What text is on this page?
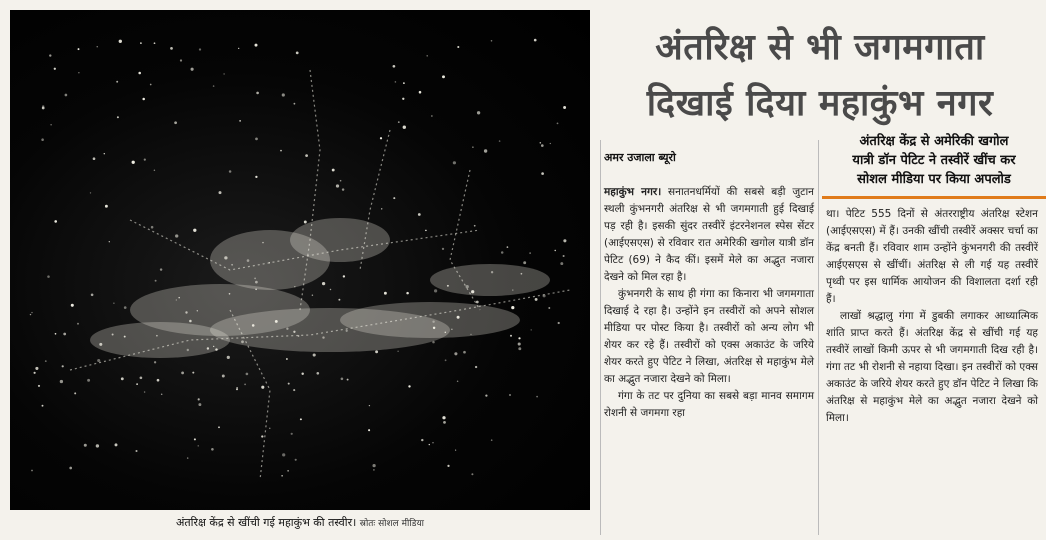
अंतरिक्ष केंद्र से खींची गई महाकुंभ की तस्वीर। स्रोतः सोशल मीडिया
अंतरिक्ष से भी जगमगाता
दिखाई दिया महाकुंभ नगर
अमर उजाला ब्यूरो
अंतरिक्ष केंद्र से अमेरिकी खगोल
यात्री डॉन पेटिट ने तस्वीरें खींच कर
सोशल मीडिया पर किया अपलोड

महाकुंभ नगर। सनातनधर्मियों की सबसे बड़ी जुटान स्थली कुंभनगरी अंतरिक्ष से भी जगमगाती हुई दिखाई पड़ रही है। इसकी सुंदर तस्वीरें इंटरनेशनल स्पेस सेंटर (आईएसएस) से रविवार रात अमेरिकी खगोल यात्री डॉन पेटिट (69) ने कैद कीं। इसमें मेले का अद्भुत नजारा देखने को मिल रहा है।

कुंभनगरी के साथ ही गंगा का किनारा भी जगमगाता दिखाई दे रहा है। उन्होंने इन तस्वीरों को अपने सोशल मीडिया पर पोस्ट किया है। तस्वीरों को अन्य लोग भी शेयर कर रहे हैं। तस्वीरों को एक्स अकाउंट के जरिये शेयर करते हुए पेटिट ने लिखा, अंतरिक्ष से महाकुंभ मेले का अद्भुत नजारा देखने को मिला।

गंगा के तट पर दुनिया का सबसे बड़ा मानव समागम रोशनी से जगमगा रहा

था। पेटिट 555 दिनों से अंतरराष्ट्रीय अंतरिक्ष स्टेशन (आईएसएस) में हैं। उनकी खींची तस्वीरें अक्सर चर्चा का केंद्र बनती हैं। रविवार शाम उन्होंने कुंभनगरी की तस्वीरें आईएसएस से खींचीं। अंतरिक्ष से ली गई यह तस्वीरें पृथ्वी पर इस धार्मिक आयोजन की विशालता दर्शा रही हैं।

लाखों श्रद्धालु गंगा में डुबकी लगाकर आध्यात्मिक शांति प्राप्त करते हैं। अंतरिक्ष केंद्र से खींची गई यह तस्वीरें लाखों किमी ऊपर से भी जगमगाती दिख रही है। गंगा तट भी रोशनी से नहाया दिखा। इन तस्वीरों को एक्स अकाउंट के जरिये शेयर करते हुए डॉन पेटिट ने लिखा कि अंतरिक्ष से महाकुंभ मेले का अद्भुत नजारा देखने को मिला।
